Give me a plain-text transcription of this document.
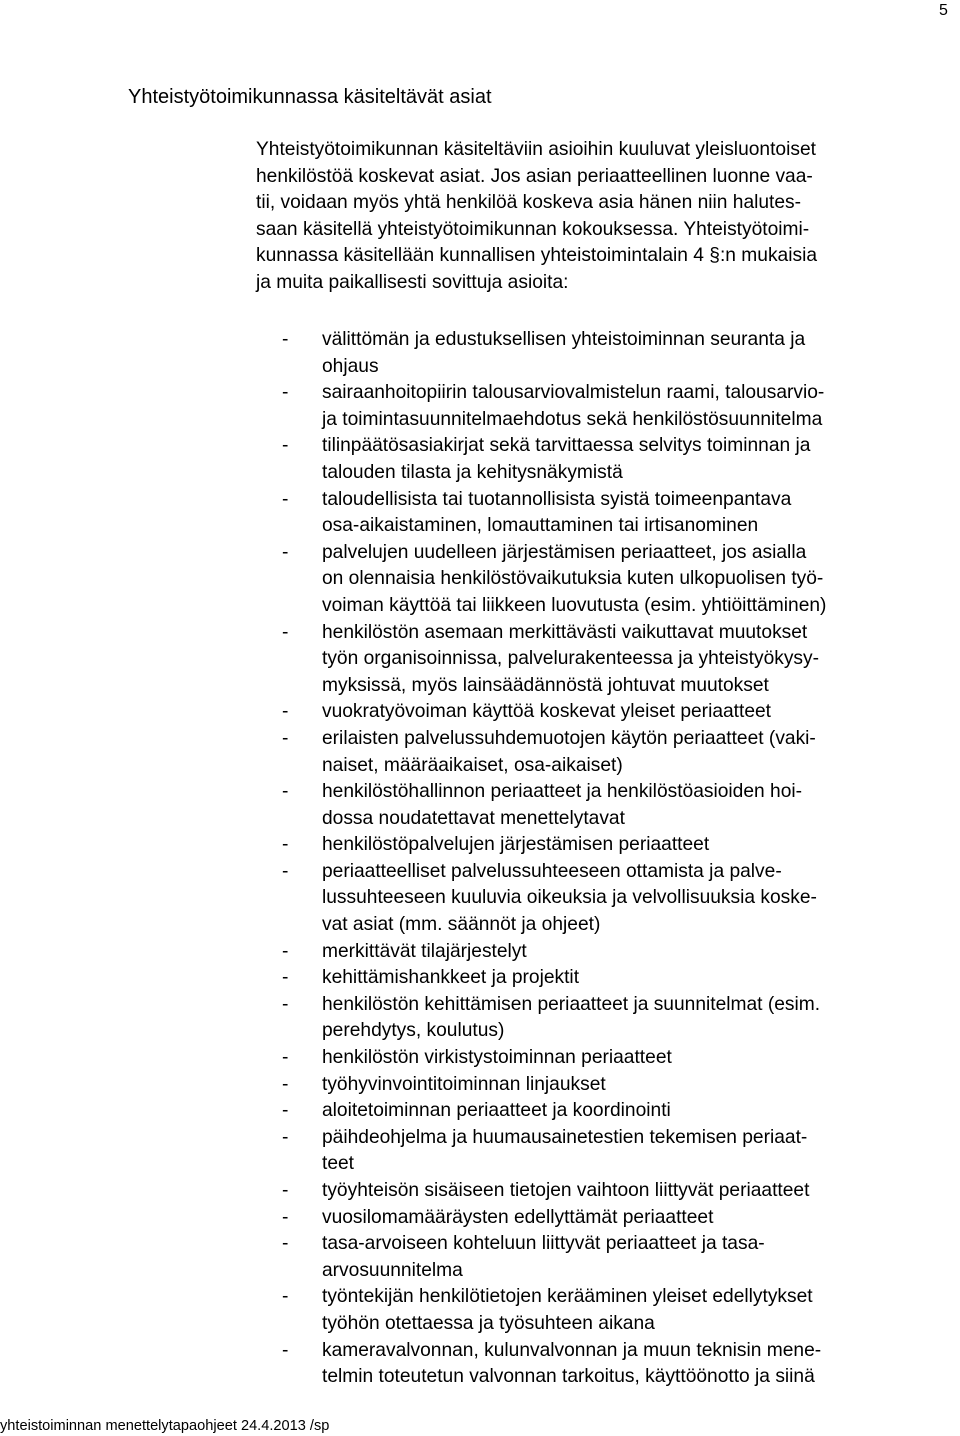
5
Yhteistyötoimikunnassa käsiteltävät asiat
Yhteistyötoimikunnan käsiteltäviin asioihin kuuluvat yleisluontoiset
henkilöstöä koskevat asiat. Jos asian periaatteellinen luonne vaa-
tii, voidaan myös yhtä henkilöä koskeva asia hänen niin halutes-
saan käsitellä yhteistyötoimikunnan kokouksessa. Yhteistyötoimi-
kunnassa käsitellään kunnallisen yhteistoimintalain 4 §:n mukaisia
ja muita paikallisesti sovittuja asioita:
- välittömän ja edustuksellisen yhteistoiminnan seuranta ja
ohjaus
- sairaanhoitopiirin talousarviovalmistelun raami, talousarvio-
ja toimintasuunnitelmaehdotus sekä henkilöstösuunnitelma
- tilinpäätösasiakirjat sekä tarvittaessa selvitys toiminnan ja
talouden tilasta ja kehitysnäkymistä
- taloudellisista tai tuotannollisista syistä toimeenpantava
osa-aikaistaminen, lomauttaminen tai irtisanominen
- palvelujen uudelleen järjestämisen periaatteet, jos asialla
on olennaisia henkilöstövaikutuksia kuten ulkopuolisen työ-
voiman käyttöä tai liikkeen luovutusta (esim. yhtiöittäminen)
- henkilöstön asemaan merkittävästi vaikuttavat muutokset
työn organisoinnissa, palvelurakenteessa ja yhteistyökysy-
myksissä, myös lainsäädännöstä johtuvat muutokset
- vuokratyövoiman käyttöä koskevat yleiset periaatteet
- erilaisten palvelussuhdemuotojen käytön periaatteet (vaki-
naiset, määräaikaiset, osa-aikaiset)
- henkilöstöhallinnon periaatteet ja henkilöstöasioiden hoi-
dossa noudatettavat menettelytavat
- henkilöstöpalvelujen järjestämisen periaatteet
- periaatteelliset palvelussuhteeseen ottamista ja palve-
lussuhteeseen kuuluvia oikeuksia ja velvollisuuksia koske-
vat asiat (mm. säännöt ja ohjeet)
- merkittävät tilajärjestelyt
- kehittämishankkeet ja projektit
- henkilöstön kehittämisen periaatteet ja suunnitelmat (esim.
perehdytys, koulutus)
- henkilöstön virkistystoiminnan periaatteet
- työhyvinvointitoiminnan linjaukset
- aloitetoiminnan periaatteet ja koordinointi
- päihdeohjelma ja huumausainetestien tekemisen periaat-
teet
- työyhteisön sisäiseen tietojen vaihtoon liittyvät periaatteet
- vuosilomamääräysten edellyttämät periaatteet
- tasa-arvoiseen kohteluun liittyvät periaatteet ja tasa-
arvosuunnitelma
- työntekijän henkilötietojen kerääminen yleiset edellytykset
työhön otettaessa ja työsuhteen aikana
- kameravalvonnan, kulunvalvonnan ja muun teknisin mene-
telmin toteutetun valvonnan tarkoitus, käyttöönotto ja siinä
yhteistoiminnan menettelytapaohjeet 24.4.2013 /sp
